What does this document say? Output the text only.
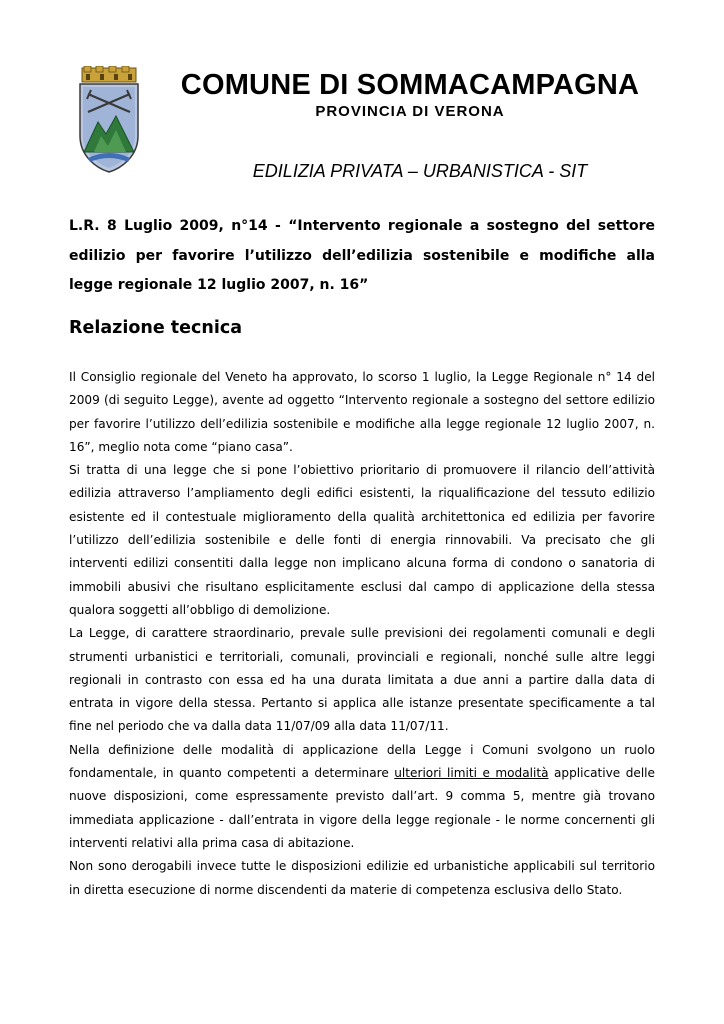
COMUNE DI SOMMACAMPAGNA
PROVINCIA DI VERONA
EDILIZIA PRIVATA – URBANISTICA - SIT
L.R. 8 Luglio 2009, n°14 - “Intervento regionale a sostegno del settore edilizio per favorire l’utilizzo dell’edilizia sostenibile e modifiche alla legge regionale 12 luglio 2007, n. 16”
Relazione tecnica

Il Consiglio regionale del Veneto ha approvato, lo scorso 1 luglio, la Legge Regionale n° 14 del 2009 (di seguito Legge), avente ad oggetto “Intervento regionale a sostegno del settore edilizio per favorire l’utilizzo dell’edilizia sostenibile e modifiche alla legge regionale 12 luglio 2007, n. 16”, meglio nota come “piano casa”.

Si tratta di una legge che si pone l’obiettivo prioritario di promuovere il rilancio dell’attività edilizia attraverso l’ampliamento degli edifici esistenti, la riqualificazione del tessuto edilizio esistente ed il contestuale miglioramento della qualità architettonica ed edilizia per favorire l’utilizzo dell’edilizia sostenibile e delle fonti di energia rinnovabili. Va precisato che gli interventi edilizi consentiti dalla legge non implicano alcuna forma di condono o sanatoria di immobili abusivi che risultano esplicitamente esclusi dal campo di applicazione della stessa qualora soggetti all’obbligo di demolizione.

La Legge, di carattere straordinario, prevale sulle previsioni dei regolamenti comunali e degli strumenti urbanistici e territoriali, comunali, provinciali e regionali, nonché sulle altre leggi regionali in contrasto con essa ed ha una durata limitata a due anni a partire dalla data di entrata in vigore della stessa. Pertanto si applica alle istanze presentate specificamente a tal fine nel periodo che va dalla data 11/07/09 alla data 11/07/11.

Nella definizione delle modalità di applicazione della Legge i Comuni svolgono un ruolo fondamentale, in quanto competenti a determinare ulteriori limiti e modalità applicative delle nuove disposizioni, come espressamente previsto dall’art. 9 comma 5, mentre già trovano immediata applicazione - dall’entrata in vigore della legge regionale - le norme concernenti gli interventi relativi alla prima casa di abitazione.

Non sono derogabili invece tutte le disposizioni edilizie ed urbanistiche applicabili sul territorio in diretta esecuzione di norme discendenti da materie di competenza esclusiva dello Stato.
